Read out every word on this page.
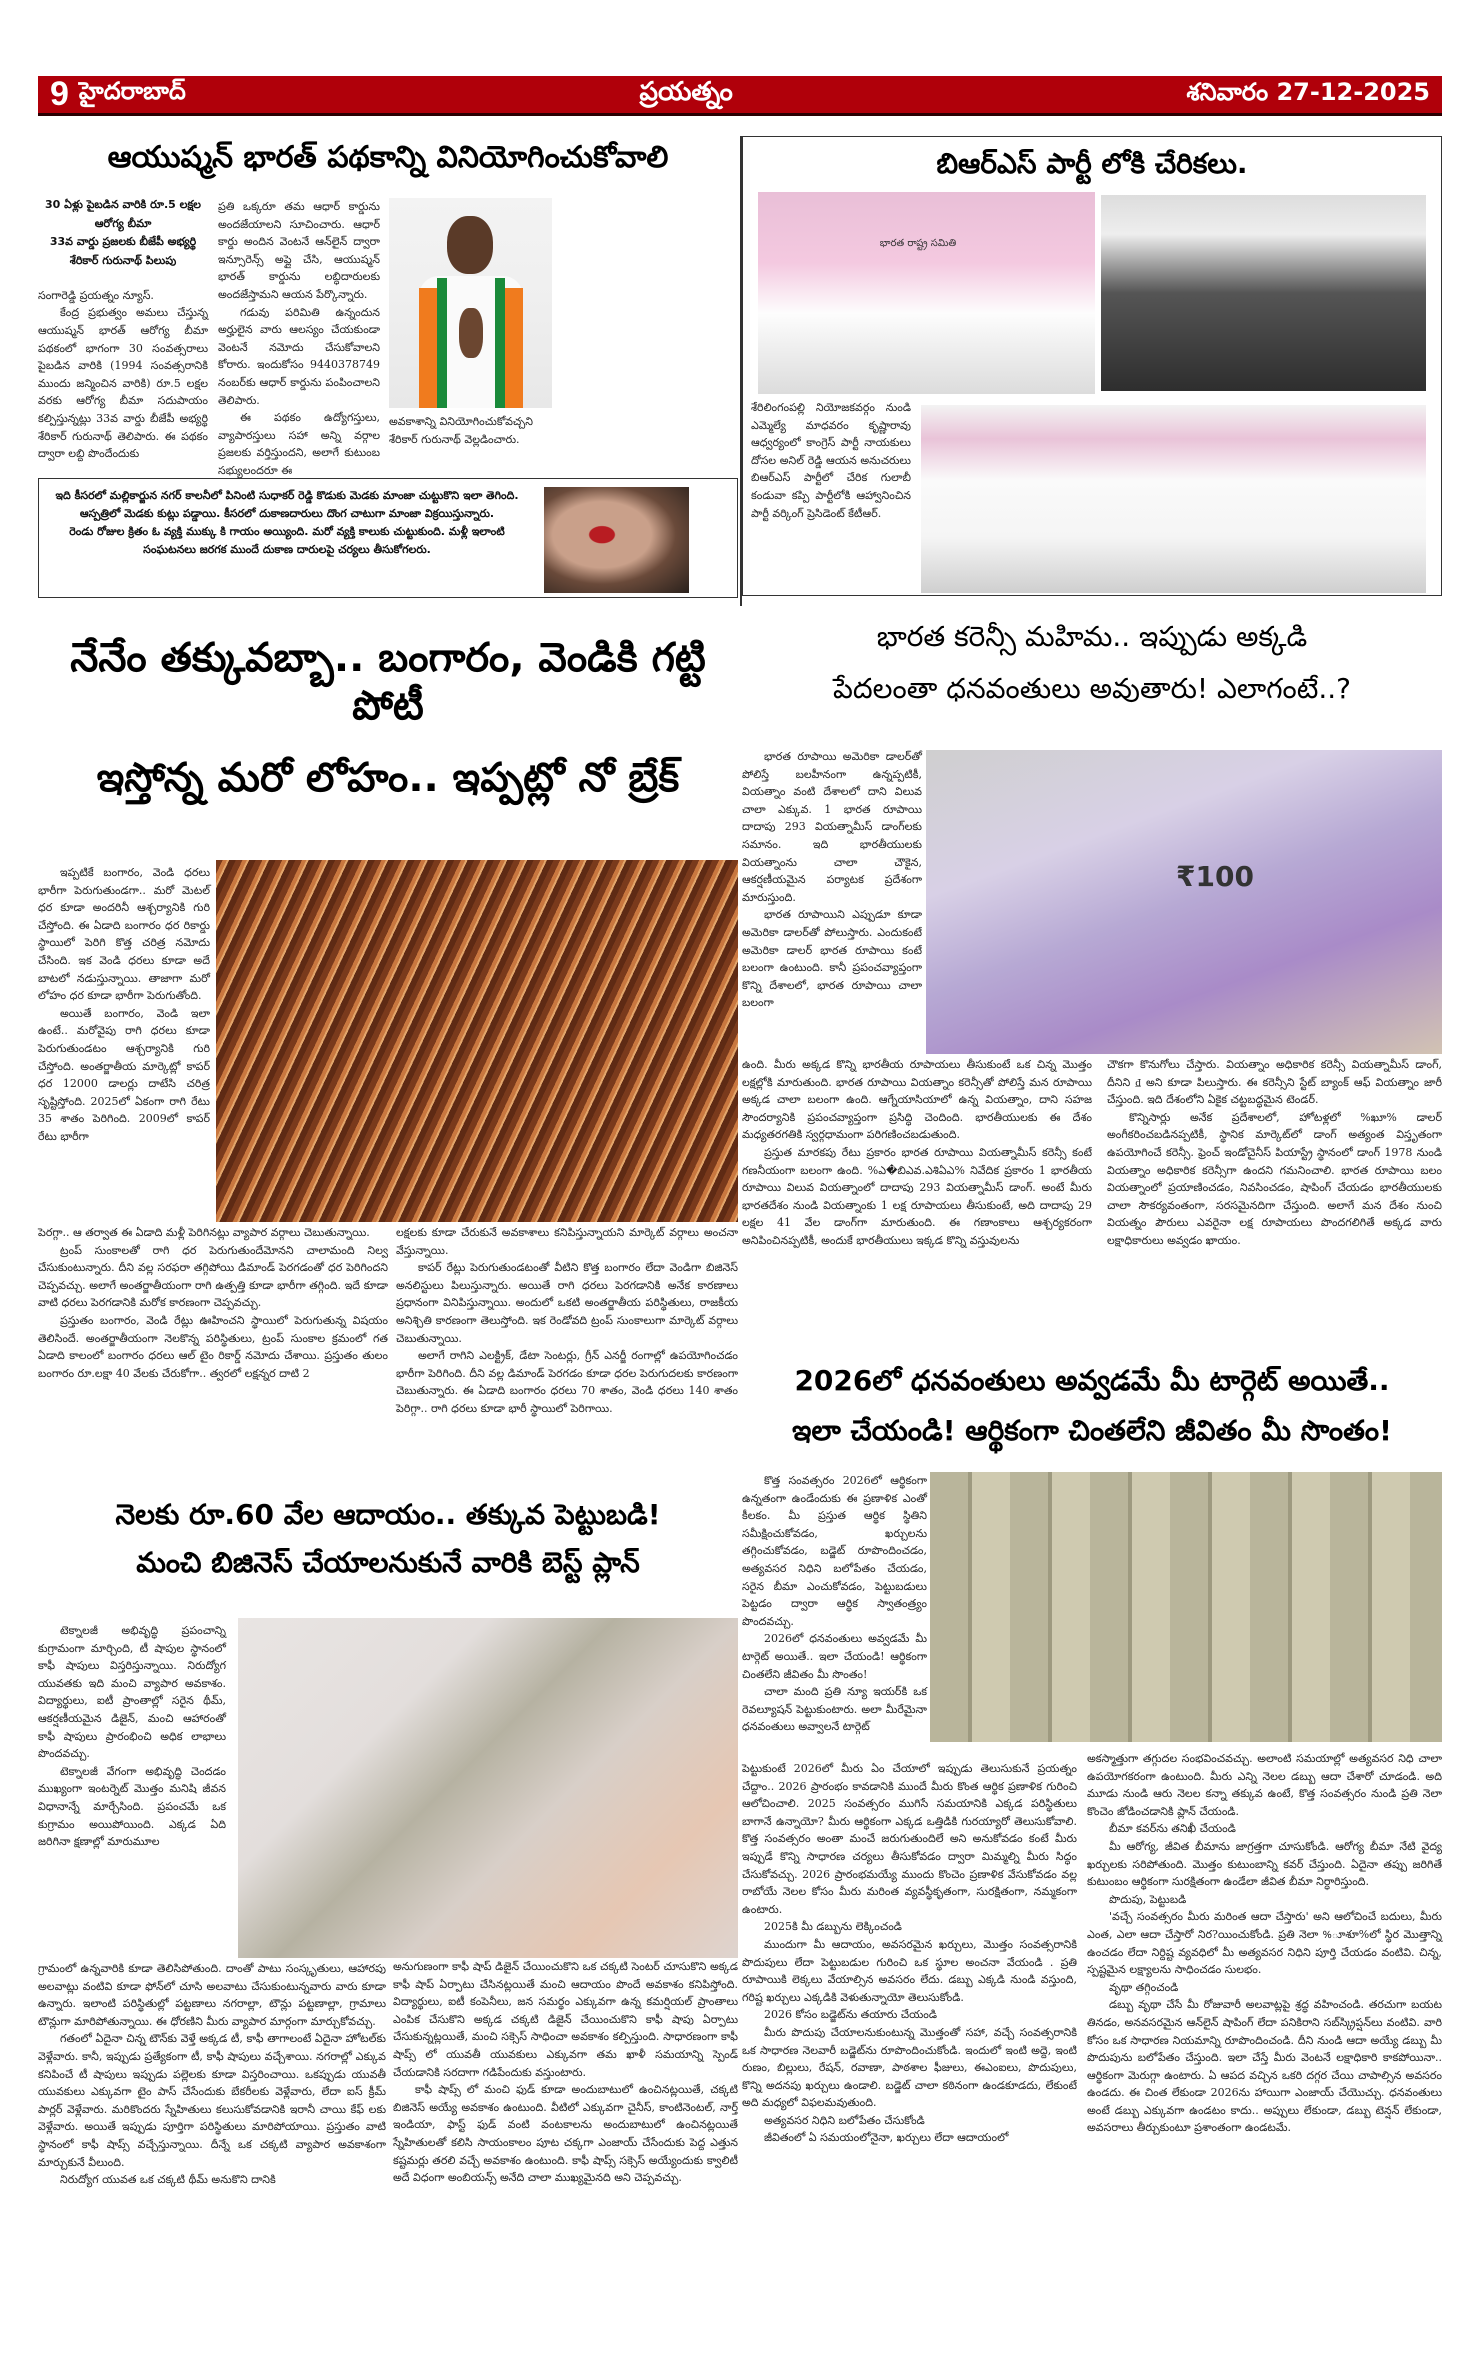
9 హైదరాబాద్	ప్రయత్నం	శనివారం 27-12-2025
ఆయుష్మన్ భారత్ పథకాన్ని వినియోగించుకోవాలి
30 ఏళ్లు పైబడిన వారికి రూ.5 లక్షల
ఆరోగ్య బీమా
33వ వార్డు ప్రజలకు బీజేపీ అభ్యర్థి
శేరికార్ గురునాథ్ పిలుపు
సంగారెడ్డి ప్రయత్నం న్యూస్.

కేంద్ర ప్రభుత్వం అమలు చేస్తున్న ఆయుష్మన్ భారత్ ఆరోగ్య బీమా పథకంలో భాగంగా 30 సంవత్సరాలు పైబడిన వారికి (1994 సంవత్సరానికి ముందు జన్మించిన వారికి) రూ.5 లక్షల వరకు ఆరోగ్య బీమా సదుపాయం కల్పిస్తున్నట్లు 33వ వార్డు బీజేపీ అభ్యర్థి శేరికార్ గురునాథ్ తెలిపారు. ఈ పథకం ద్వారా లబ్ది పొందేందుకు

ప్రతి ఒక్కరూ తమ ఆధార్ కార్డును అందజేయాలని సూచించారు. ఆధార్ కార్డు అందిన వెంటనే ఆన్‌లైన్ ద్వారా ఇన్సూరెన్స్ అప్లై చేసి, ఆయుష్మన్ భారత్ కార్డును లబ్ధిదారులకు అందజేస్తామని ఆయన పేర్కొన్నారు.

గడువు పరిమితి ఉన్నందున అర్హులైన వారు ఆలస్యం చేయకుండా వెంటనే నమోదు చేసుకోవాలని కోరారు. ఇందుకోసం 9440378749 నంబర్‌కు ఆధార్ కార్డును పంపించాలని తెలిపారు.

ఈ పథకం ఉద్యోగస్తులు, వ్యాపారస్తులు సహా అన్ని వర్గాల ప్రజలకు వర్తిస్తుందని, అలాగే కుటుంబ సభ్యులందరూ ఈ

అవకాశాన్ని వినియోగించుకోవచ్చని శేరికార్ గురునాథ్ వెల్లడించారు.
ఇది కీసరలో మల్లికార్జున నగర్ కాలనీలో పినింటి సుధాకర్ రెడ్డి కొడుకు మెడకు మాంజా చుట్టుకొని ఇలా తెగింది. ఆస్పత్రిలో మెడకు కుట్లు పడ్డాయి. కీసరలో దుకాణదారులు దొంగ చాటుగా మాంజా విక్రయిస్తున్నారు.
రెండు రోజుల క్రితం ఓ వ్యక్తి ముక్కు కి గాయం అయ్యింది. మరో వ్యక్తి కాలుకు చుట్టుకుంది. మళ్లీ ఇలాంటి సంఘటనలు జరగక ముందే దుకాణ దారులపై చర్యలు తీసుకోగలరు.
బిఆర్ఎస్ పార్టీ లోకి చేరికలు.
భారత రాష్ట్ర సమితి
శేరిలింగంపల్లి నియోజకవర్గం నుండి ఎమ్మెల్యే మాధవరం కృష్ణారావు ఆధ్వర్యంలో కాంగ్రెస్ పార్టీ నాయకులు దోసల అనిల్ రెడ్డి ఆయన అనుచరులు బిఆర్ఎస్ పార్టీలో చేరిక గులాబీ కండువా కప్పి పార్టీలోకి ఆహ్వానించిన పార్టీ వర్కింగ్ ప్రెసిడెంట్ కేటీఆర్.
నేనేం తక్కువబ్బా.. బంగారం, వెండికి గట్టి పోటీ
ఇస్తోన్న మరో లోహం.. ఇప్పట్లో నో బ్రేక్

ఇప్పటికే బంగారం, వెండి ధరలు భారీగా పెరుగుతుండగా.. మరో మెటల్ ధర కూడా అందరినీ ఆశ్చర్యానికి గురి చేస్తోంది. ఈ ఏడాది బంగారం ధర రికార్డు స్థాయిలో పెరిగి కొత్త చరిత్ర నమోదు చేసింది. ఇక వెండి ధరలు కూడా అదే బాటలో నడుస్తున్నాయి. తాజాగా మరో లోహం ధర కూడా భారీగా పెరుగుతోంది.

అయితే బంగారం, వెండి ఇలా ఉంటే.. మరోవైపు రాగి ధరలు కూడా పెరుగుతుండటం ఆశ్చర్యానికి గురి చేస్తోంది. అంతర్జాతీయ మార్కెట్లో కాపర్ ధర 12000 డాలర్లు దాటేసి చరిత్ర సృష్టిస్తోంది. 2025లో ఏకంగా రాగి రేటు 35 శాతం పెరిగింది. 2009లో కాపర్ రేటు భారీగా

పెరగ్గా.. ఆ తర్వాత ఈ ఏడాది మళ్లీ పెరిగినట్లు వ్యాపార వర్గాలు చెబుతున్నాయి.

ట్రంప్ సుంకాలతో రాగి ధర పెరుగుతుందేమోనని చాలామంది నిల్వ చేసుకుంటున్నారు. దీని వల్ల సరఫరా తగ్గిపోయి డిమాండ్ పెరగడంతో ధర పెరిగిందని చెప్పవచ్చు. అలాగే అంతర్జాతీయంగా రాగి ఉత్పత్తి కూడా భారీగా తగ్గింది. ఇదే కూడా వాటి ధరలు పెరగడానికి మరోక కారణంగా చెప్పవచ్చు.

ప్రస్తుతం బంగారం, వెండి రేట్లు ఊహించని స్థాయిలో పెరుగుతున్న విషయం తెలిసిందే. అంతర్జాతీయంగా నెలకొన్న పరిస్థితులు, ట్రంప్ సుంకాల క్రమంలో గత ఏడాది కాలంలో బంగారం ధరలు ఆల్ టైం రికార్డ్ నమోదు చేశాయి. ప్రస్తుతం తులం బంగారం రూ.లక్షా 40 వేలకు చేరుకోగా.. త్వరలో లక్షన్నర దాటి 2

లక్షలకు కూడా చేరుకునే అవకాశాలు కనిపిస్తున్నాయని మార్కెట్ వర్గాలు అంచనా వేస్తున్నాయి.

కాపర్ రేట్లు పెరుగుతుండటంతో వీటిని కొత్త బంగారం లేదా వెండిగా బిజినెస్ అనలిస్టులు పిలుస్తున్నారు. అయితే రాగి ధరలు పెరగడానికి అనేక కారణాలు ప్రధానంగా వినిపిస్తున్నాయి. అందులో ఒకటి అంతర్జాతీయ పరిస్థితులు, రాజకీయ అనిశ్చితి కారణంగా తెలుస్తోంది. ఇక రెండోవది ట్రంప్ సుంకాలుగా మార్కెట్ వర్గాలు చెబుతున్నాయి.

అలాగే రాగిని ఎలక్ట్రిక్, డేటా సెంటర్లు, గ్రీన్ ఎనర్జీ రంగాల్లో ఉపయోగించడం భారీగా పెరిగింది. దీని వల్ల డిమాండ్ పెరగడం కూడా ధరల పెరుగుదలకు కారణంగా చెబుతున్నారు. ఈ ఏడాది బంగారం ధరలు 70 శాతం, వెండి ధరలు 140 శాతం పెరిగ్గా.. రాగి ధరలు కూడా భారీ స్థాయిలో పెరిగాయి.

భారత కరెన్సీ మహిమ.. ఇప్పుడు అక్కడి
పేదలంతా ధనవంతులు అవుతారు! ఎలాగంటే..?

భారత రూపాయి అమెరికా డాలర్‌తో పోలిస్తే బలహీనంగా ఉన్నప్పటికీ, వియత్నాం వంటి దేశాలలో దాని విలువ చాలా ఎక్కువ. 1 భారత రూపాయి దాదాపు 293 వియత్నామీస్ డాంగ్‌లకు సమానం. ఇది భారతీయులకు వియత్నాంను చాలా చౌకైన, ఆకర్షణీయమైన పర్యాటక ప్రదేశంగా మారుస్తుంది.

భారత రూపాయిని ఎప్పుడూ కూడా అమెరికా డాలర్‌తో పోలుస్తారు. ఎందుకంటే అమెరికా డాలర్ భారత రూపాయి కంటే బలంగా ఉంటుంది. కానీ ప్రపంచవ్యాప్తంగా కొన్ని దేశాలలో, భారత రూపాయి చాలా బలంగా

₹100

ఉంది. మీరు అక్కడ కొన్ని భారతీయ రూపాయలు తీసుకుంటే ఒక చిన్న మొత్తం లక్షల్లోకి మారుతుంది. భారత రూపాయి వియత్నాం కరెన్సీతో పోలిస్తే మన రూపాయి అక్కడ చాలా బలంగా ఉంది. ఆగ్నేయాసియాలో ఉన్న వియత్నాం, దాని సహజ సౌందర్యానికి ప్రపంచవ్యాప్తంగా ప్రసిద్ధి చెందింది. భారతీయులకు ఈ దేశం మధ్యతరగతికి స్వర్గధామంగా పరిగణించబడుతుంది.

ప్రస్తుత మారకపు రేటు ప్రకారం భారత రూపాయి వియత్నామీస్ కరెన్సీ కంటే గణనీయంగా బలంగా ఉంది. %ఎ�బిఎవ.ఎశిఏఎ% నివేదిక ప్రకారం 1 భారతీయ రూపాయి విలువ వియత్నాంలో దాదాపు 293 వియత్నామీస్ డాంగ్. అంటే మీరు భారతదేశం నుండి వియత్నాంకు 1 లక్ష రూపాయలు తీసుకుంటే, అది దాదాపు 29 లక్షల 41 వేల డాంగ్‌గా మారుతుంది. ఈ గణాంకాలు ఆశ్చర్యకరంగా అనిపించినప్పటికీ, అందుకే భారతీయులు ఇక్కడ కొన్ని వస్తువులను

చౌకగా కొనుగోలు చేస్తారు. వియత్నాం అధికారిక కరెన్సీ వియత్నామీస్ డాంగ్, దీనిని ₫ అని కూడా పిలుస్తారు. ఈ కరెన్సీని స్టేట్ బ్యాంక్ ఆఫ్ వియత్నాం జారీ చేస్తుంది. ఇది దేశంలోని ఏకైక చట్టబద్ధమైన టెండర్.

కొన్నిసార్లు అనేక ప్రదేశాలలో, హోటళ్లలో %ఖూ% డాలర్ అంగీకరించబడినప్పటికీ, స్థానిక మార్కెట్‌లో డాంగ్ అత్యంత విస్తృతంగా ఉపయోగించే కరెన్సీ. ఫ్రెంచ్ ఇండోచైనీస్ పియాస్ట్రే స్థానంలో డాంగ్ 1978 నుండి వియత్నాం అధికారిక కరెన్సీగా ఉందని గమనించాలి. భారత రూపాయి బలం వియత్నాంలో ప్రయాణించడం, నివసించడం, షాపింగ్ చేయడం భారతీయులకు చాలా సౌకర్యవంతంగా, సరసమైనదిగా చేస్తుంది. అలాగే మన దేశం నుంచి వియత్నం పౌరులు ఎవరైనా లక్ష రూపాయలు పొందగలిగితే అక్కడ వారు లక్షాధికారులు అవ్వడం ఖాయం.

2026లో ధనవంతులు అవ్వడమే మీ టార్గెట్ అయితే..
ఇలా చేయండి! ఆర్థికంగా చింతలేని జీవితం మీ సొంతం!

కొత్త సంవత్సరం 2026లో ఆర్థికంగా ఉన్నతంగా ఉండేందుకు ఈ ప్రణాళిక ఎంతో కీలకం. మీ ప్రస్తుత ఆర్థిక స్థితిని సమీక్షించుకోవడం, ఖర్చులను తగ్గించుకోవడం, బడ్జెట్ రూపొందించడం, అత్యవసర నిధిని బలోపేతం చేయడం, సరైన బీమా ఎంచుకోవడం, పెట్టుబడులు పెట్టడం ద్వారా ఆర్థిక స్వాతంత్ర్యం పొందవచ్చు.

2026లో ధనవంతులు అవ్వడమే మీ టార్గెట్ అయితే.. ఇలా చేయండి! ఆర్థికంగా చింతలేని జీవితం మీ సొంతం!

చాలా మంది ప్రతి న్యూ ఇయర్‌కి ఒక రెవల్యూషన్ పెట్టుకుంటారు. అలా మీరేమైనా ధనవంతులు అవ్వాలనే టార్గెట్

పెట్టుకుంటే 2026లో మీరు ఏం చేయాలో ఇప్పుడు తెలుసుకునే ప్రయత్నం చేద్దాం.. 2026 ప్రారంభం కావడానికి ముందే మీరు కొంత ఆర్థిక ప్రణాళిక గురించి ఆలోచించాలి. 2025 సంవత్సరం ముగిసే సమయానికి ఎక్కడ పరిస్థితులు బాగానే ఉన్నాయో? మీరు ఆర్థికంగా ఎక్కడ ఒత్తిడికి గురయ్యారో తెలుసుకోవాలి. కొత్త సంవత్సరం అంతా మంచే జరుగుతుందిలే అని అనుకోవడం కంటే మీరు ఇప్పుడే కొన్ని సాధారణ చర్యలు తీసుకోవడం ద్వారా మిమ్మల్ని మీరు సిద్ధం చేసుకోవచ్చు. 2026 ప్రారంభమయ్యే ముందు కొంచెం ప్రణాళిక వేసుకోవడం వల్ల రాబోయే నెలల కోసం మీరు మరింత వ్యవస్థీకృతంగా, సురక్షితంగా, నమ్మకంగా ఉంటారు.

2025కి మీ డబ్బును లెక్కించండి

ముందుగా మీ ఆదాయం, అవసరమైన ఖర్చులు, మొత్తం సంవత్సరానికి పొదుపులు లేదా పెట్టుబడుల గురించి ఒక స్థూల అంచనా వేయండి . ప్రతి రూపాయికి లెక్కలు వేయాల్సిన అవసరం లేదు. డబ్బు ఎక్కడి నుండి వస్తుంది, గరిష్ట ఖర్చులు ఎక్కడికి వెళుతున్నాయో తెలుసుకోండి.

2026 కోసం బడ్జెట్‌ను తయారు చేయండి

మీరు పొదుపు చేయాలనుకుంటున్న మొత్తంతో సహా, వచ్చే సంవత్సరానికి ఒక సాధారణ నెలవారీ బడ్జెట్‌ను రూపొందించుకోండి. ఇందులో ఇంటి అద్దె, ఇంటి రుణం, బిల్లులు, రేషన్, రవాణా, పాఠశాల ఫీజులు, ఈఎంఐలు, పొదుపులు, కొన్ని అదనపు ఖర్చులు ఉండాలి. బడ్జెట్ చాలా కఠినంగా ఉండకూడదు, లేకుంటే అది మధ్యలో విఫలమవుతుంది.

అత్యవసర నిధిని బలోపేతం చేసుకోండి

జీవితంలో ఏ సమయంలోనైనా, ఖర్చులు లేదా ఆదాయంలో

అకస్మాత్తుగా తగ్గుదల సంభవించవచ్చు. అలాంటి సమయాల్లో అత్యవసర నిధి చాలా ఉపయోగకరంగా ఉంటుంది. మీరు ఎన్ని నెలల డబ్బు ఆదా చేశారో చూడండి. అది మూడు నుండి ఆరు నెలల కన్నా తక్కువ ఉంటే, కొత్త సంవత్సరం నుండి ప్రతి నెలా కొంచెం జోడించడానికి ప్లాన్ చేయండి.

బీమా కవర్‌ను తనిఖీ చేయండి

మీ ఆరోగ్య, జీవిత బీమాను జాగ్రత్తగా చూసుకోండి. ఆరోగ్య బీమా నేటి వైద్య ఖర్చులకు సరిపోతుంది. మొత్తం కుటుంబాన్ని కవర్ చేస్తుంది. ఏదైనా తప్పు జరిగితే కుటుంబం ఆర్థికంగా సురక్షితంగా ఉండేలా జీవిత బీమా నిర్ధారిస్తుంది.

పొదుపు, పెట్టుబడి

'వచ్చే సంవత్సరం మీరు మరింత ఆదా చేస్తారు' అని ఆలోచించే బదులు, మీరు ఎంత, ఎలా ఆదా చేస్తారో నిర?యించుకోండి. ప్రతి నెలా %ూశూ%లో స్థిర మొత్తాన్ని ఉంచడం లేదా నిర్దిష్ట వ్యవధిలో మీ అత్యవసర నిధిని పూర్తి చేయడం వంటివి. చిన్న, స్పష్టమైన లక్ష్యాలను సాధించడం సులభం.

వృథా తగ్గించండి

డబ్బు వృథా చేసే మీ రోజువారీ అలవాట్లపై శ్రద్ధ వహించండి. తరచుగా బయట తినడం, అనవసరమైన ఆన్‌లైన్ షాపింగ్ లేదా పనికిరాని సబ్‌స్క్రిప్షన్‌లు వంటివి. వారి కోసం ఒక సాధారణ నియమాన్ని రూపొందించండి. దీని నుండి ఆదా అయ్యే డబ్బు మీ పొదుపును బలోపేతం చేస్తుంది. ఇలా చేస్తే మీరు వెంటనే లక్షాధికారి కాకపోయినా.. ఆర్థికంగా మెరుగ్గా ఉంటారు. ఏ ఆపద వచ్చిన ఒకరి దగ్గర చేయి చాపాల్సిన అవసరం ఉండదు. ఈ చింత లేకుండా 2026ను హాయిగా ఎంజాయ్ చేయొచ్చు. ధనవంతులు అంటే డబ్బు ఎక్కువగా ఉండటం కాదు.. అప్పులు లేకుండా, డబ్బు టెన్షన్ లేకుండా, అవసరాలు తీర్చుకుంటూ ప్రశాంతంగా ఉండటమే.

నెలకు రూ.60 వేల ఆదాయం.. తక్కువ పెట్టుబడి!
మంచి బిజినెస్ చేయాలనుకునే వారికి బెస్ట్ ప్లాన్

టెక్నాలజీ అభివృద్ధి ప్రపంచాన్ని కుగ్రామంగా మార్చింది, టీ షాపుల స్థానంలో కాఫీ షాపులు విస్తరిస్తున్నాయి. నిరుద్యోగ యువతకు ఇది మంచి వ్యాపార అవకాశం. విద్యార్థులు, ఐటీ ప్రాంతాల్లో సరైన థీమ్, ఆకర్షణీయమైన డిజైన్, మంచి ఆహారంతో కాఫీ షాపులు ప్రారంభించి అధిక లాభాలు పొందవచ్చు.

టెక్నాలజీ వేగంగా అభివృద్ధి చెందడం ముఖ్యంగా ఇంటర్నెట్ మొత్తం మనిషి జీవన విధానాన్నే మార్చేసింది. ప్రపంచమే ఒక కుగ్రామం అయిపోయింది. ఎక్కడ ఏది జరిగినా క్షణాల్లో మారుమూల

గ్రామంలో ఉన్నవారికి కూడా తెలిసిపోతుంది. దాంతో పాటు సంస్కృతులు, ఆహారపు అలవాట్లు వంటివి కూడా ఫోన్‌లో చూసి అలవాటు చేసుకుంటున్నవారు వారు కూడా ఉన్నారు. ఇలాంటి పరిస్థితుల్లో పట్టణాలు నగరాల్లా, టౌన్లు పట్టణాల్లా, గ్రామాలు టౌన్లుగా మారిపోతున్నాయి. ఈ ధోరణిని మీరు వ్యాపార మార్గంగా మార్చుకోవచ్చు.

గతంలో ఏదైనా చిన్న టౌన్‌కు వెళ్తే అక్కడ టీ, కాఫీ తాగాలంటే ఏదైనా హోటల్‌కు వెళ్లేవారు. కానీ, ఇప్పుడు ప్రత్యేకంగా టీ, కాఫీ షాపులు వచ్చేశాయి. నగరాల్లో ఎక్కువ కనిపించే టీ షాపులు ఇప్పుడు పల్లెలకు కూడా విస్తరించాయి. ఒకప్పుడు యువతీ యువకులు ఎక్కువగా టైం పాస్ చేసేందుకు బేకరీలకు వెళ్లేవారు, లేదా ఐస్ క్రీమ్ పార్లర్ వెళ్లేవారు. మరికొందరు స్నేహితులు కలుసుకోవడానికి ఇరానీ చాయి కేఫ్ లకు వెళ్లేవారు. అయితే ఇప్పుడు పూర్తిగా పరిస్థితులు మారిపోయాయి. ప్రస్తుతం వాటి స్థానంలో కాఫీ షాప్స్ వచ్చేస్తున్నాయి. దీన్నే ఒక చక్కటి వ్యాపార అవకాశంగా మార్చుకునే వీలుంది.

నిరుద్యోగ యువత ఒక చక్కటి థీమ్ అనుకొని దానికి

అనుగుణంగా కాఫీ షాప్ డిజైన్ చేయించుకొని ఒక చక్కటి సెంటర్ చూసుకొని అక్కడ కాఫీ షాప్ ఏర్పాటు చేసినట్లయితే మంచి ఆదాయం పొందే అవకాశం కనిపిస్తోంది. విద్యార్థులు, ఐటీ కంపెనీలు, జన సమర్థం ఎక్కువగా ఉన్న కమర్షియల్ ప్రాంతాలు ఎంపిక చేసుకొని అక్కడ చక్కటి డిజైన్ చేయించుకొని కాఫీ షాపు ఏర్పాటు చేసుకున్నట్లయితే, మంచి సక్సెస్ సాధించా అవకాశం కల్పిస్తుంది. సాధారణంగా కాఫీ షాప్స్ లో యువతీ యువకులు ఎక్కువగా తమ ఖాళీ సమయాన్ని స్పెండ్ చేయడానికి సరదాగా గడిపేందుకు వస్తుంటారు.

కాఫీ షాప్స్ లో మంచి ఫుడ్ కూడా అందుబాటులో ఉంచినట్లయితే, చక్కటి బిజినెస్ అయ్యే అవకాశం ఉంటుంది. వీటిలో ఎక్కువగా చైనీస్, కాంటినెంటల్, నార్త్ ఇండియా, ఫాస్ట్ ఫుడ్ వంటి వంటకాలను అందుబాటులో ఉంచినట్లయితే స్నేహితులతో కలిసి సాయంకాలం పూట చక్కగా ఎంజాయ్ చేసేందుకు పెద్ద ఎత్తున కష్టమర్లు తరలి వచ్చే అవకాశం ఉంటుంది. కాఫీ షాప్స్ సక్సెస్ అయ్యేందుకు క్వాలిటీ అదే విధంగా అంబియన్స్ అనేది చాలా ముఖ్యమైనది అని చెప్పవచ్చు.
